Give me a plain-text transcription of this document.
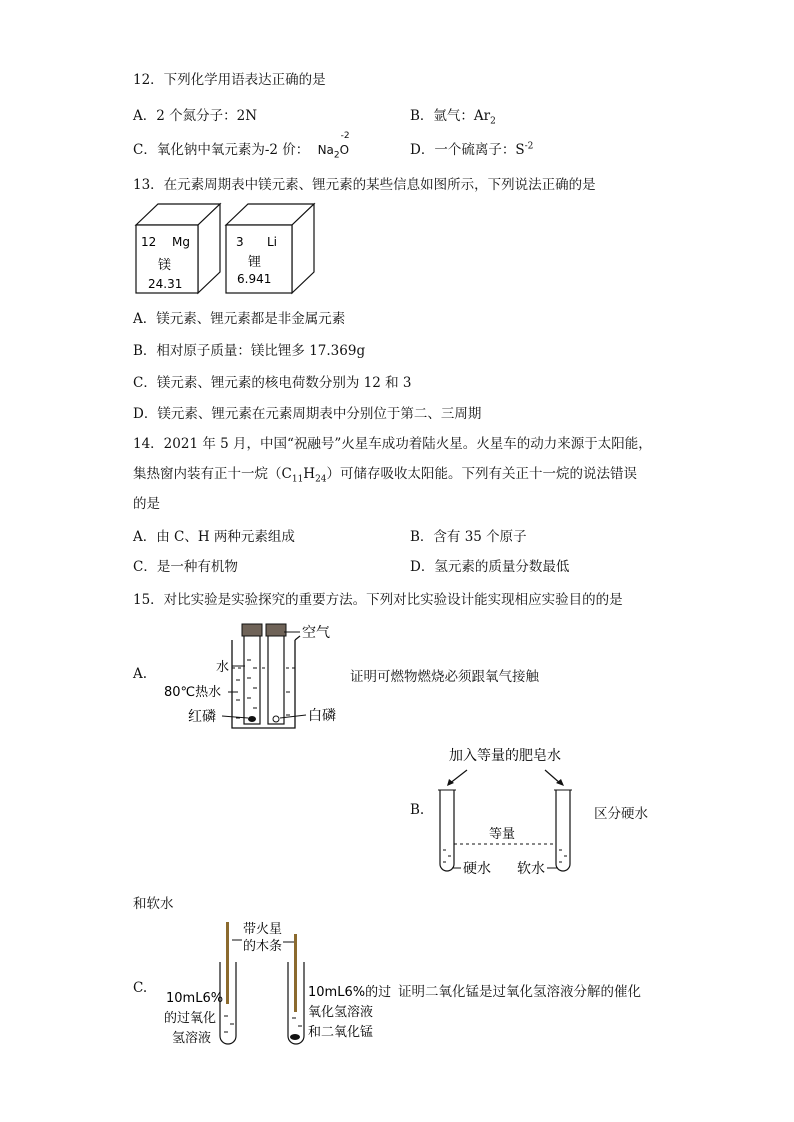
12．下列化学用语表达正确的是
A．2 个氮分子：2N	B．氩气：$Ar_2$
C．氧化钠中氧元素为-2 价： $Na_2$
-2
O	D．一个硫离子：$S^{-2}$
13．在元素周期表中镁元素、锂元素的某些信息如图所示，下列说法正确的是
12 Mg
镁
24.31
3 Li
锂
6.941
A．镁元素、锂元素都是非金属元素
B．相对原子质量：镁比锂多 17.369g
C．镁元素、锂元素的核电荷数分别为 12 和 3
D．镁元素、锂元素在元素周期表中分别位于第二、三周期
14．2021 年 5 月，中国“祝融号”火星车成功着陆火星。火星车的动力来源于太阳能，
集热窗内装有正十一烷$(C_{11}H_{24})$可储存吸收太阳能。下列有关正十一烷的说法错误
的是
A．由 C、H 两种元素组成	B．含有 35 个原子
C．是一种有机物	D．氢元素的质量分数最低
15．对比实验是实验探究的重要方法。下列对比实验设计能实现相应实验目的的是
A.
空气
水
80℃热水
红磷	白磷
证明可燃物燃烧必须跟氧气接触
加入等量的肥皂水
等量
硬水 软水
B.	区分硬水
和软水
C.
带火星
的木条
10mL6%
的过氧化
氢溶液
10mL6%的过
氧化氢溶液
和二氧化锰
证明二氧化锰是过氧化氢溶液分解的催化
